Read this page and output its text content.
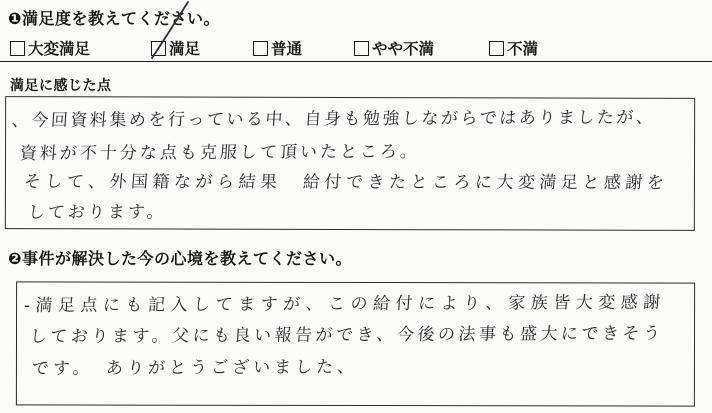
❶満足度を教えてください。
大変満足	満足	普通	やや不満	不満
満足に感じた点
、今回資料集めを行っている中、自身も勉強しながらではありましたが、
資料が不十分な点も克服して頂いたところ。
そして、外国籍ながら結果　給付できたところに大変満足と感謝を
しております。
❷事件が解決した今の心境を教えてください。
-満足点にも記入してますが、この給付により、家族皆大変感謝
しております。父にも良い報告ができ、今後の法事も盛大にできそう
です。　ありがとうございました、
